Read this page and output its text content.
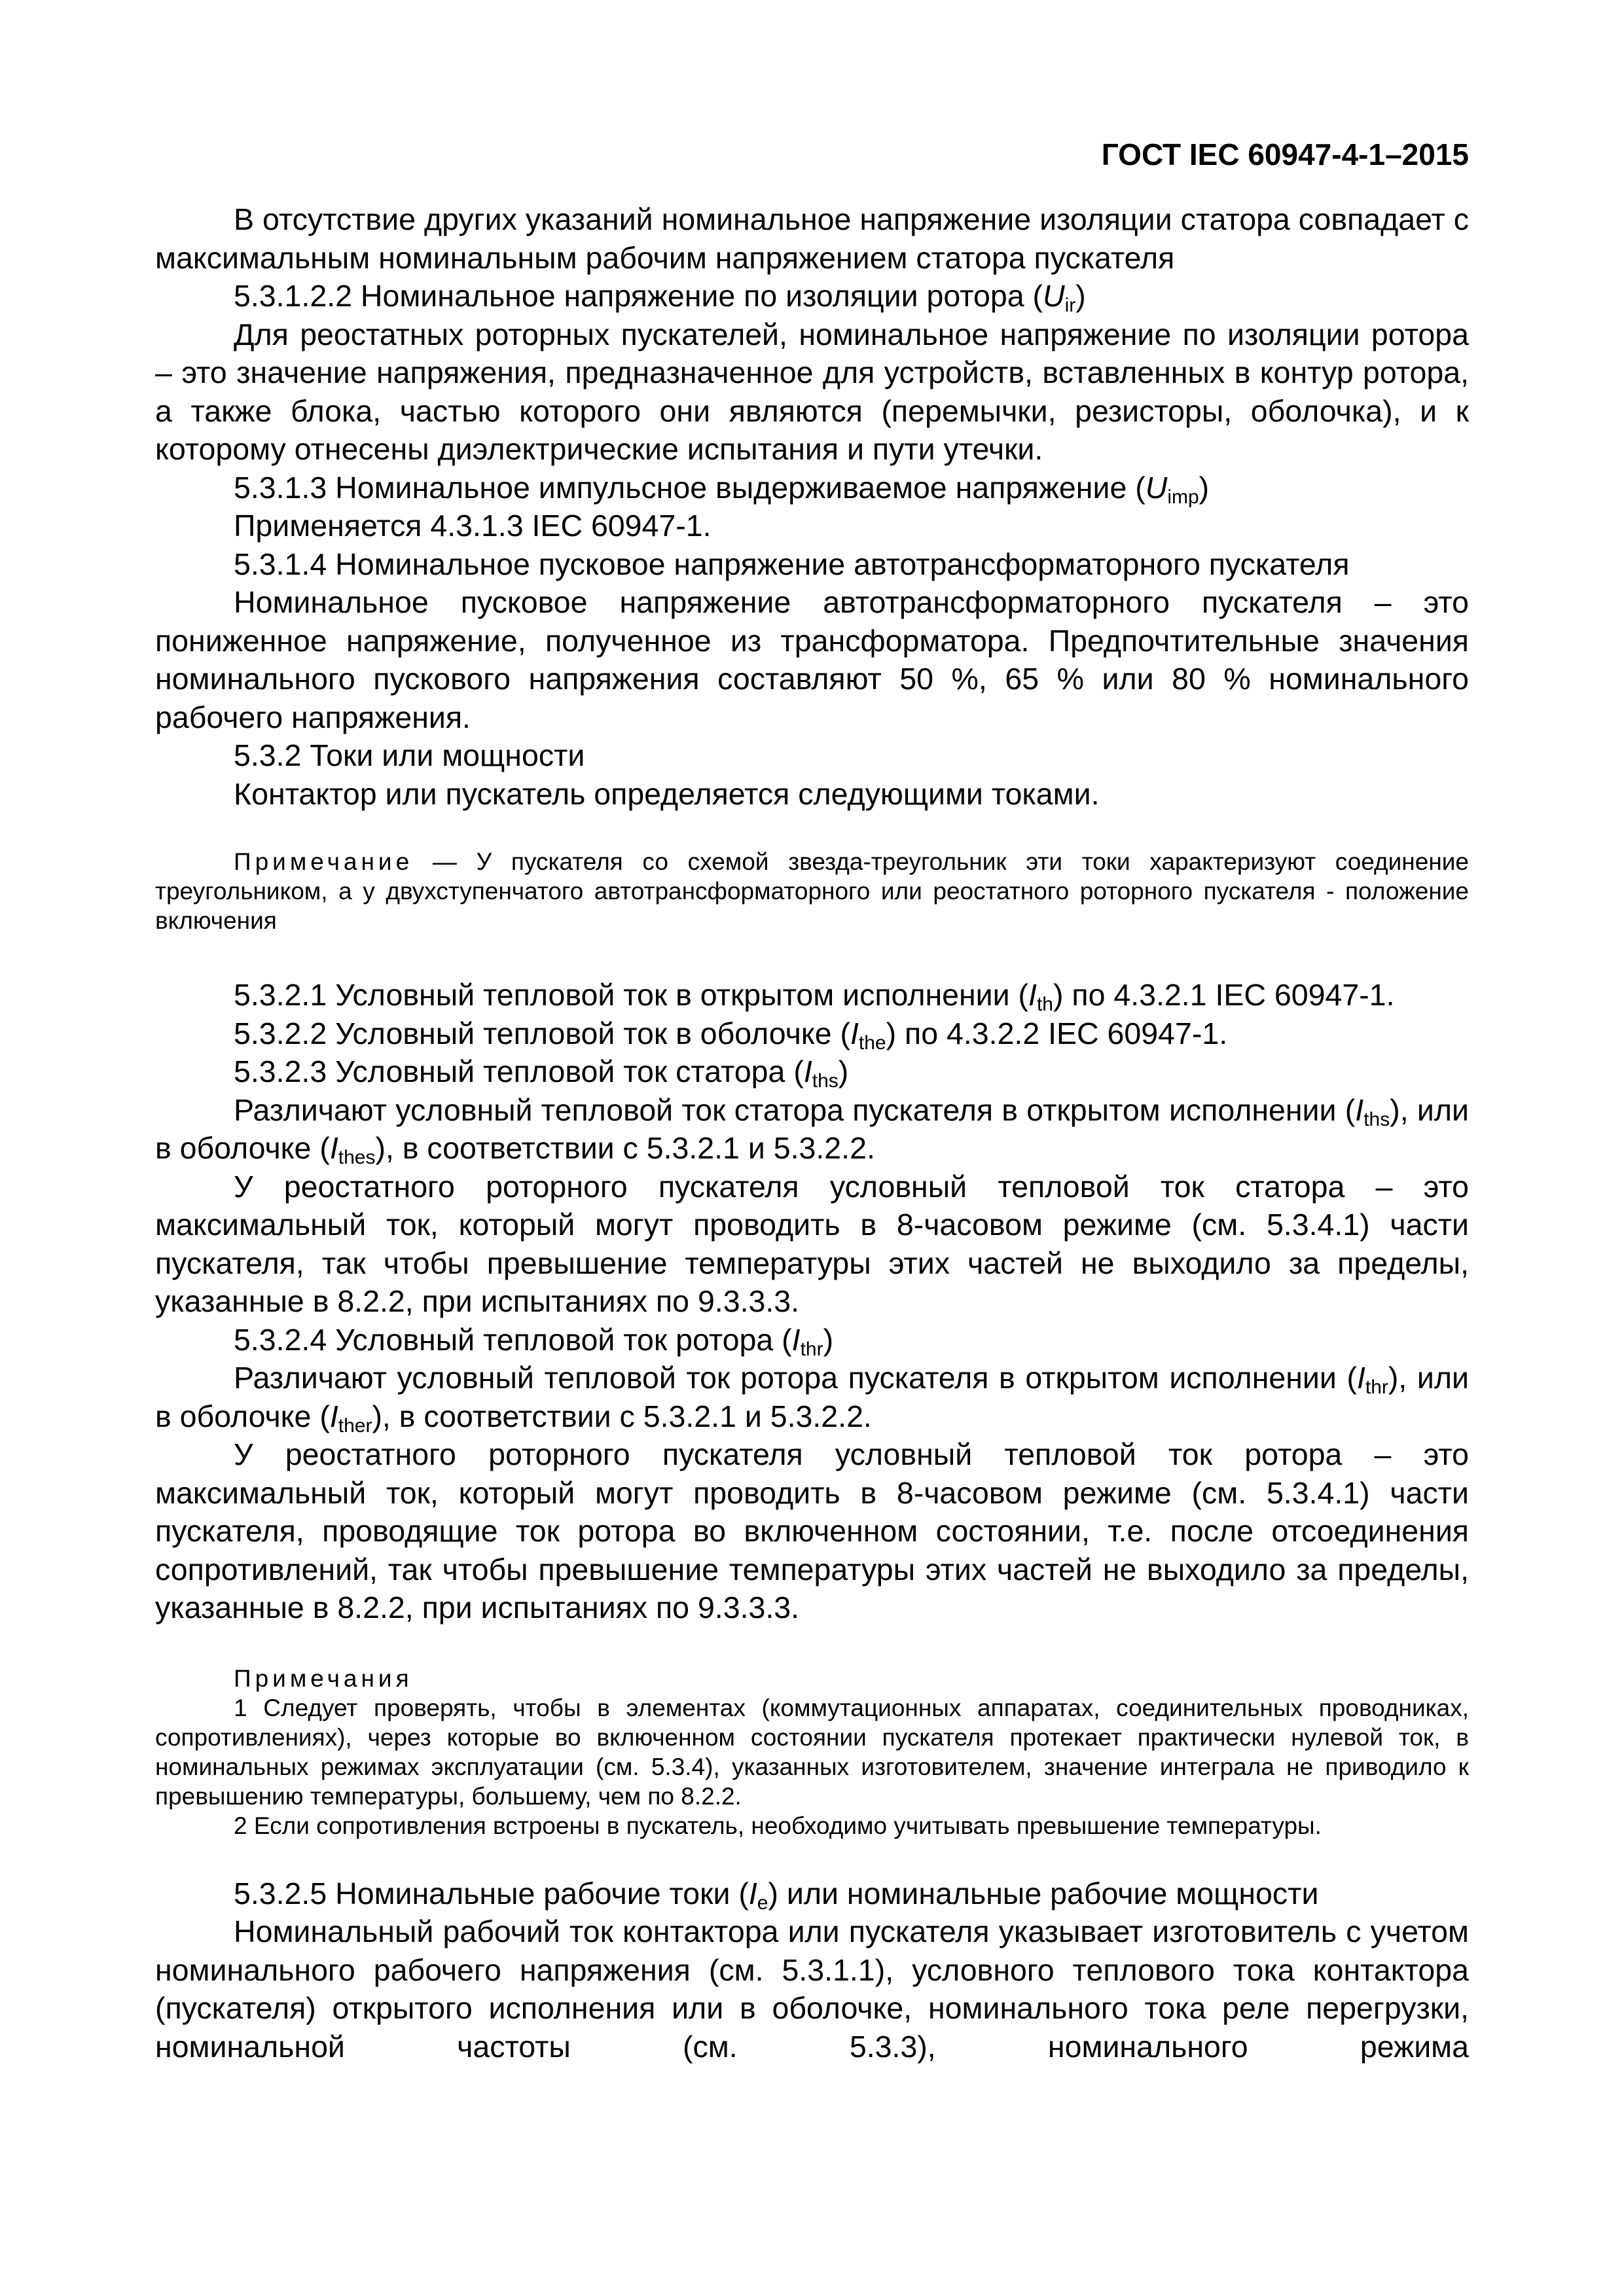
ГОСТ IEC 60947-4-1–2015

В отсутствие других указаний номинальное напряжение изоляции статора совпадает с максимальным номинальным рабочим напряжением статора пускателя

5.3.1.2.2 Номинальное напряжение по изоляции ротора $(U_{ir})$

Для реостатных роторных пускателей, номинальное напряжение по изоляции ротора – это значение напряжения, предназначенное для устройств, вставленных в контур ротора, а также блока, частью которого они являются (перемычки, резисторы, оболочка), и к которому отнесены диэлектрические испытания и пути утечки.

5.3.1.3 Номинальное импульсное выдерживаемое напряжение $(U_{imp})$

Применяется 4.3.1.3 IEC 60947-1.

5.3.1.4 Номинальное пусковое напряжение автотрансформаторного пускателя

Номинальное пусковое напряжение автотрансформаторного пускателя – это пониженное напряжение, полученное из трансформатора. Предпочтительные значения номинального пускового напряжения составляют 50 %, 65 % или 80 % номинального рабочего напряжения.

5.3.2 Токи или мощности

Контактор или пускатель определяется следующими токами.

Примечание — У пускателя со схемой звезда-треугольник эти токи характеризуют соединение треугольником, а у двухступенчатого автотрансформаторного или реостатного роторного пускателя - положение включения

5.3.2.1 Условный тепловой ток в открытом исполнении $(I_{th})$ по 4.3.2.1 IEC 60947-1.

5.3.2.2 Условный тепловой ток в оболочке $(I_{the})$ по 4.3.2.2 IEC 60947-1.

5.3.2.3 Условный тепловой ток статора $(I_{ths})$

Различают условный тепловой ток статора пускателя в открытом исполнении $(I_{ths})$, или в оболочке $(I_{thes})$, в соответствии с 5.3.2.1 и 5.3.2.2.

У реостатного роторного пускателя условный тепловой ток статора – это максимальный ток, который могут проводить в 8-часовом режиме (см. 5.3.4.1) части пускателя, так чтобы превышение температуры этих частей не выходило за пределы, указанные в 8.2.2, при испытаниях по 9.3.3.3.

5.3.2.4 Условный тепловой ток ротора $(I_{thr})$

Различают условный тепловой ток ротора пускателя в открытом исполнении $(I_{thr})$, или в оболочке $(I_{ther})$, в соответствии с 5.3.2.1 и 5.3.2.2.

У реостатного роторного пускателя условный тепловой ток ротора – это максимальный ток, который могут проводить в 8-часовом режиме (см. 5.3.4.1) части пускателя, проводящие ток ротора во включенном состоянии, т.е. после отсоединения сопротивлений, так чтобы превышение температуры этих частей не выходило за пределы, указанные в 8.2.2, при испытаниях по 9.3.3.3.

Примечания

1 Следует проверять, чтобы в элементах (коммутационных аппаратах, соединительных проводниках, сопротивлениях), через которые во включенном состоянии пускателя протекает практически нулевой ток, в номинальных режимах эксплуатации (см. 5.3.4), указанных изготовителем, значение интеграла не приводило к превышению температуры, большему, чем по 8.2.2.

2 Если сопротивления встроены в пускатель, необходимо учитывать превышение температуры.

5.3.2.5 Номинальные рабочие токи $(I_e)$ или номинальные рабочие мощности

Номинальный рабочий ток контактора или пускателя указывает изготовитель с учетом номинального рабочего напряжения (см. 5.3.1.1), условного теплового тока контактора (пускателя) открытого исполнения или в оболочке, номинального тока реле перегрузки, номинальной частоты (см. 5.3.3), номинального режима
